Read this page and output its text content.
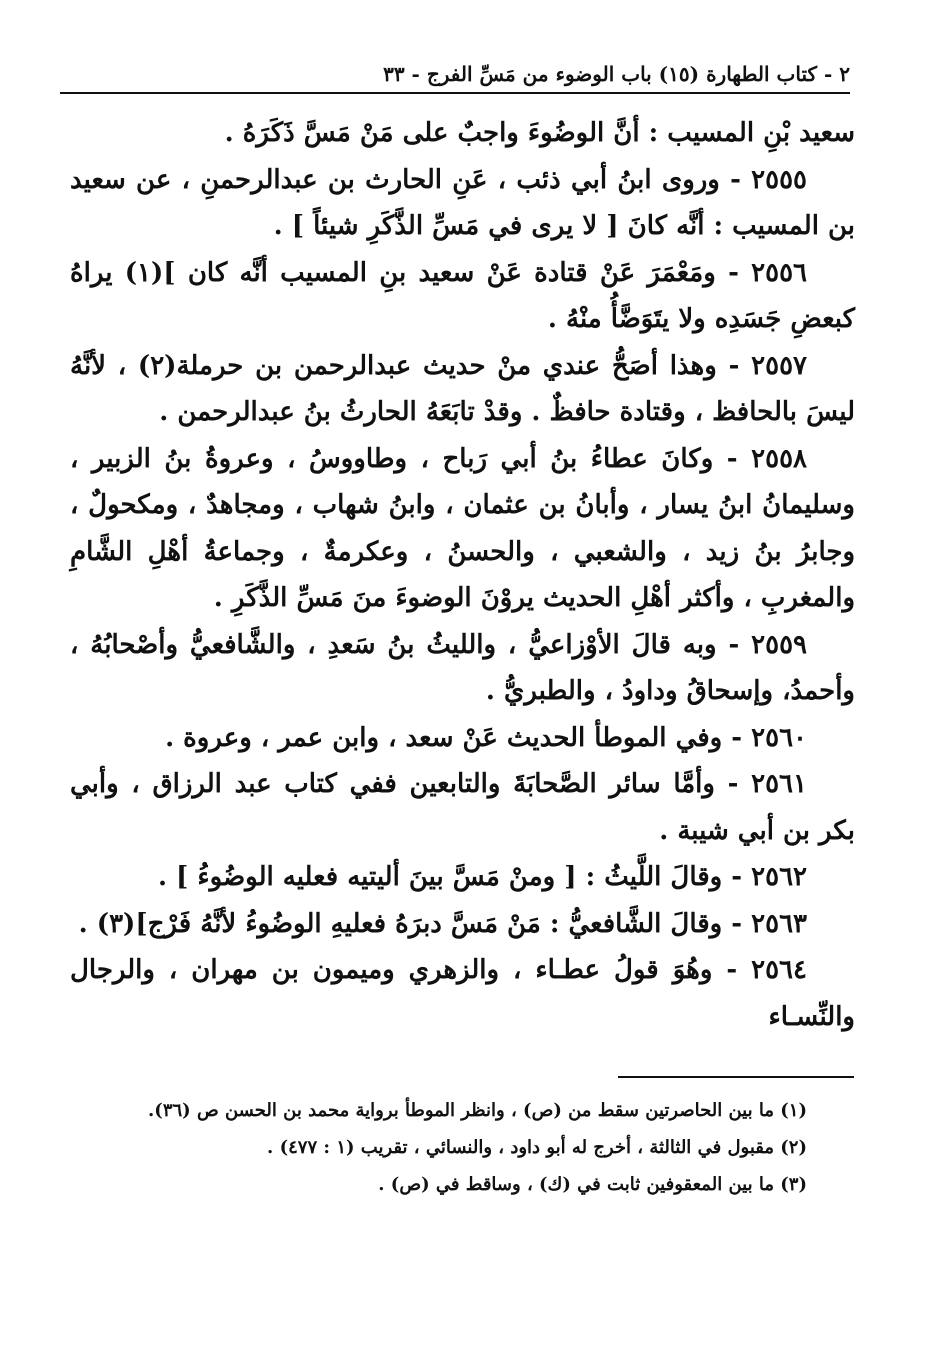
٢ - كتاب الطهارة (١٥) باب الوضوء من مَسِّ الفرج - ٣٣

سعيد بْنِ المسيب : أنَّ الوضُوءَ واجبٌ على مَنْ مَسَّ ذَكَرَهُ .

٢٥٥٥ - وروى ابنُ أبي ذئب ، عَنِ الحارث بن عبدالرحمنِ ، عن سعيد بن المسيب : أنَّه كانَ [ لا يرى في مَسِّ الذَّكَرِ شيئاً ] .

٢٥٥٦ - ومَعْمَرَ عَنْ قتادة عَنْ سعيد بنِ المسيب أنَّه كان ](١) يراهُ كبعضِ جَسَدِه ولا يتَوَضَّأُ منْهُ .

٢٥٥٧ - وهذا أصَحُّ عندي منْ حديث عبدالرحمن بن حرملة(٢) ، لأنَّهُ ليسَ بالحافظ ، وقتادة حافظٌ . وقدْ تابَعَهُ الحارثُ بنُ عبدالرحمن .

٢٥٥٨ - وكانَ عطاءُ بنُ أبي رَباح ، وطاووسُ ، وعروةُ بنُ الزبير ، وسليمانُ ابنُ يسار ، وأبانُ بن عثمان ، وابنُ شهاب ، ومجاهدٌ ، ومكحولٌ ، وجابرُ بنُ زيد ، والشعبي ، والحسنُ ، وعكرمةٌ ، وجماعةُ أهْلِ الشَّامِ والمغربِ ، وأكثر أهْلِ الحديث يروْنَ الوضوءَ منَ مَسِّ الذَّكَرِ .

٢٥٥٩ - وبه قالَ الأوْزاعيُّ ، والليثُ بنُ سَعدِ ، والشَّافعيُّ وأصْحابُهُ ، وأحمدُ، وإسحاقُ وداودُ ، والطبريُّ .

٢٥٦٠ - وفي الموطأ الحديث عَنْ سعد ، وابن عمر ، وعروة .

٢٥٦١ - وأمَّا سائر الصَّحابَةَ والتابعين ففي كتاب عبد الرزاق ، وأبي بكر بن أبي شيبة .

٢٥٦٢ - وقالَ اللَّيثُ : [ ومنْ مَسَّ بينَ أليتيه فعليه الوضُوءُ ] .

٢٥٦٣ - وقالَ الشَّافعيُّ : مَنْ مَسَّ دبرَهُ فعليهِ الوضُوءُ لأنَّهُ فَرْج](٣) .

٢٥٦٤ - وهُوَ قولُ عطـاء ، والزهري وميمون بن مهران ، والرجال والنِّسـاء

(١) ما بين الحاصرتين سقط من (ص) ، وانظر الموطأ برواية محمد بن الحسن ص (٣٦).

(٢) مقبول في الثالثة ، أخرج له أبو داود ، والنسائي ، تقريب (١ : ٤٧٧) .

(٣) ما بين المعقوفين ثابت في (ك) ، وساقط في (ص) .
